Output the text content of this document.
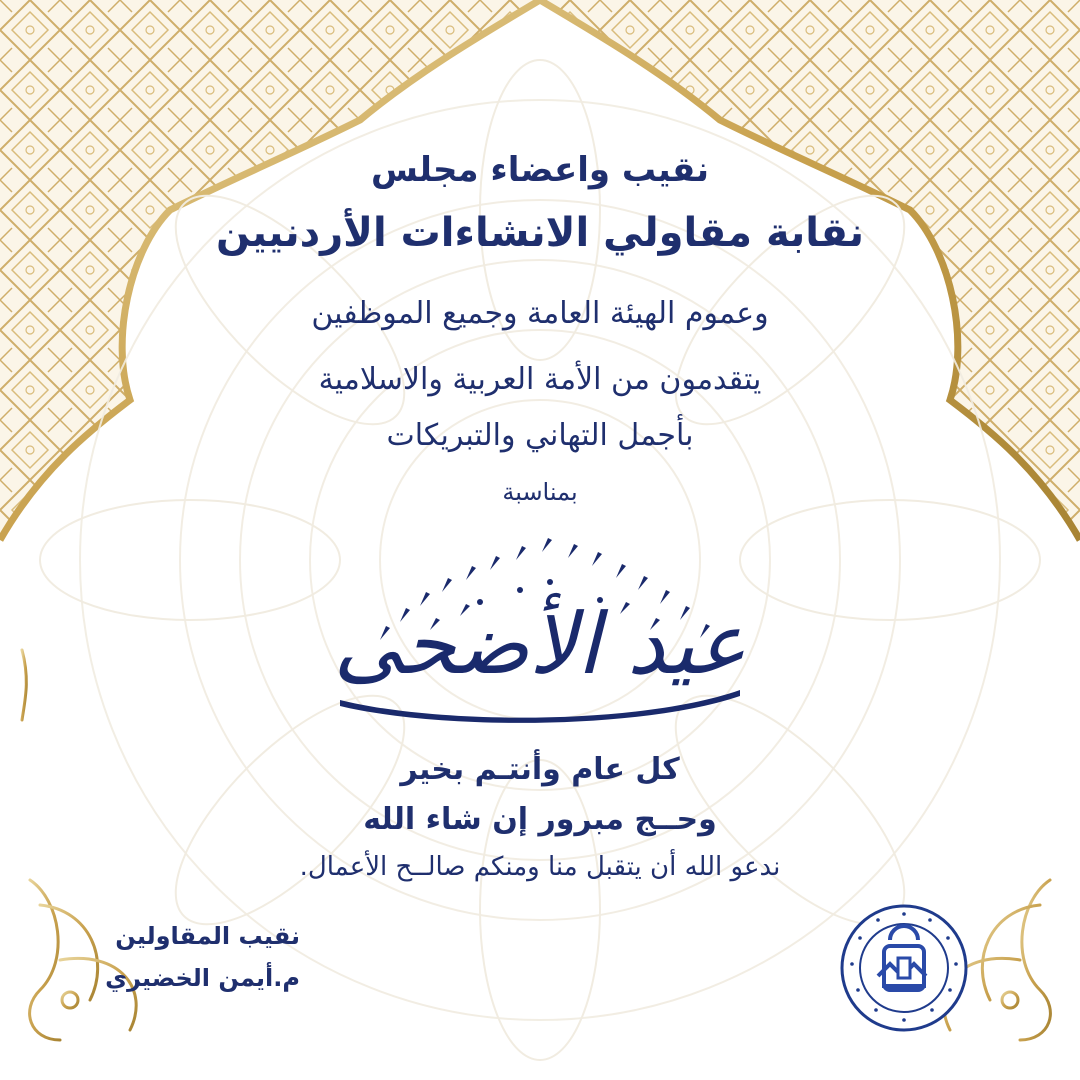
نقيب واعضاء مجلس
نقابة مقاولي الانشاءات الأردنيين
وعموم الهيئة العامة وجميع الموظفين
يتقدمون من الأمة العربية والاسلامية
بأجمل التهاني والتبريكات
بمناسبة
عيد الأضحى
كل عام وأنتـم بخير
وحــج مبرور إن شاء الله
ندعو الله أن يتقبل منا ومنكم صالــح الأعمال.
نقيب المقاولين
م.أيمن الخضيري
